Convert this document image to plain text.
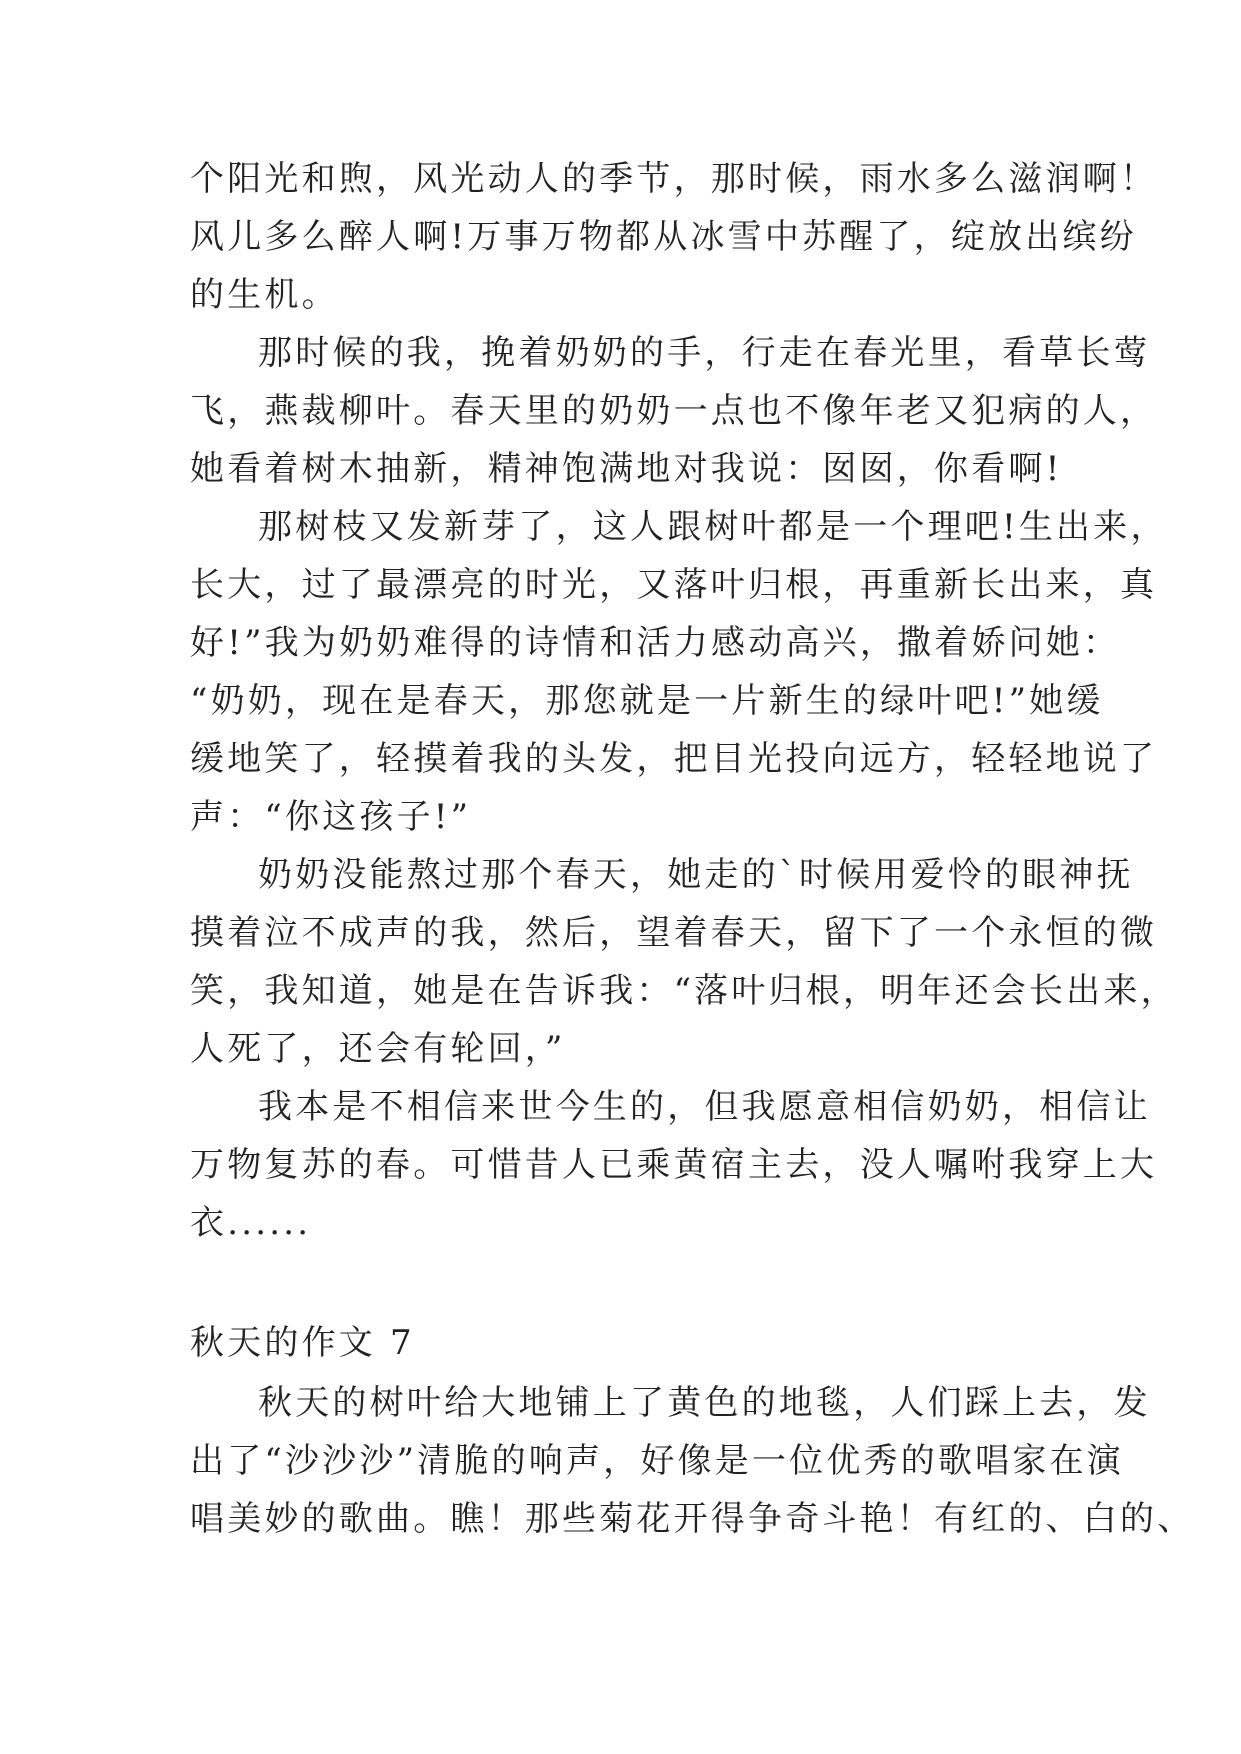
个阳光和煦，风光动人的季节，那时候，雨水多么滋润啊！
风儿多么醉人啊!万事万物都从冰雪中苏醒了，绽放出缤纷
的生机。
那时候的我，挽着奶奶的手，行走在春光里，看草长莺
飞，燕裁柳叶。春天里的奶奶一点也不像年老又犯病的人，
她看着树木抽新，精神饱满地对我说：囡囡，你看啊!
那树枝又发新芽了，这人跟树叶都是一个理吧!生出来，
长大，过了最漂亮的时光，又落叶归根，再重新长出来，真
好!”我为奶奶难得的诗情和活力感动高兴，撒着娇问她：
“奶奶，现在是春天，那您就是一片新生的绿叶吧!”她缓
缓地笑了，轻摸着我的头发，把目光投向远方，轻轻地说了
声：“你这孩子!”
奶奶没能熬过那个春天，她走的`时候用爱怜的眼神抚
摸着泣不成声的我，然后，望着春天，留下了一个永恒的微
笑，我知道，她是在告诉我：“落叶归根，明年还会长出来，
人死了，还会有轮回，”
我本是不相信来世今生的，但我愿意相信奶奶，相信让
万物复苏的春。可惜昔人已乘黄宿主去，没人嘱咐我穿上大
衣......
秋天的作文 7
秋天的树叶给大地铺上了黄色的地毯，人们踩上去，发
出了“沙沙沙”清脆的响声，好像是一位优秀的歌唱家在演
唱美妙的歌曲。瞧！那些菊花开得争奇斗艳！有红的、白的、
